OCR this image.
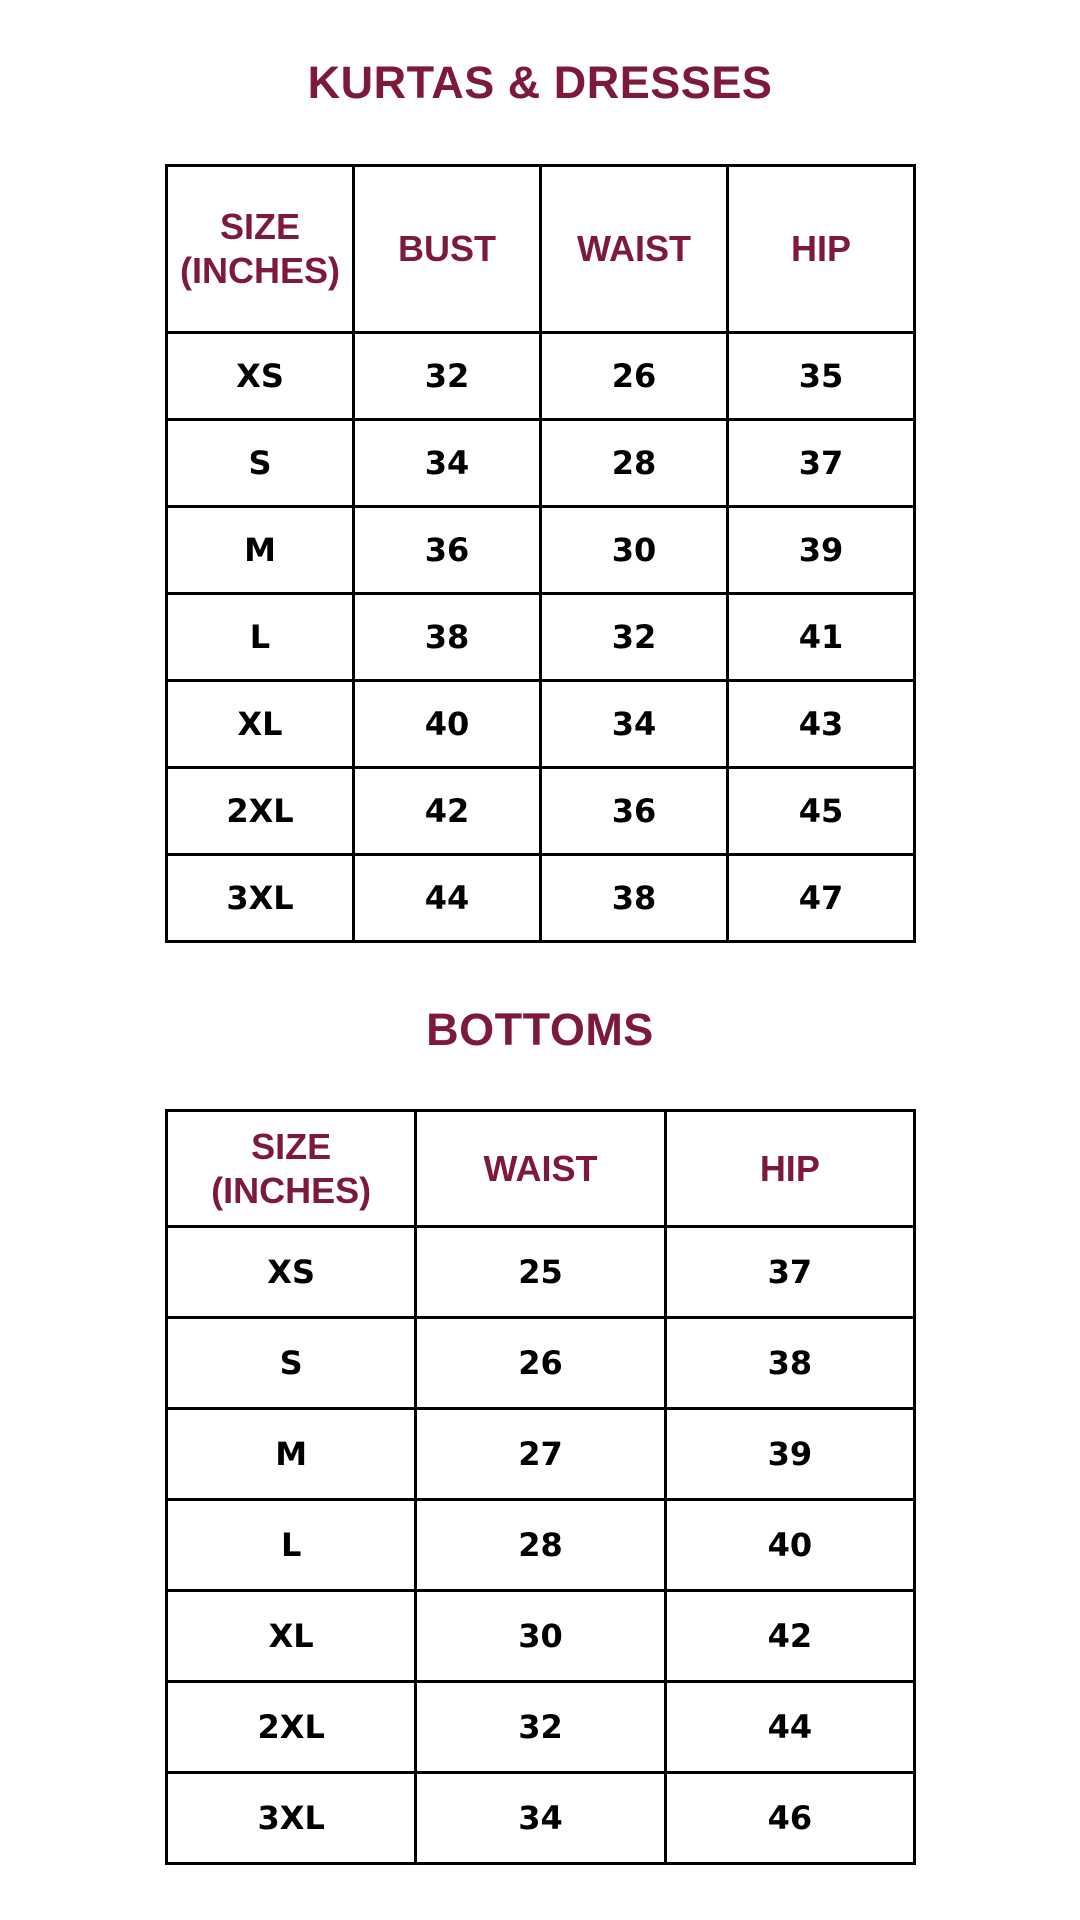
KURTAS & DRESSES
SIZE
(INCHES)	BUST	WAIST	HIP
XS	32	26	35
S	34	28	37
M	36	30	39
L	38	32	41
XL	40	34	43
2XL	42	36	45
3XL	44	38	47
BOTTOMS
SIZE
(INCHES)	WAIST	HIP
XS	25	37
S	26	38
M	27	39
L	28	40
XL	30	42
2XL	32	44
3XL	34	46
